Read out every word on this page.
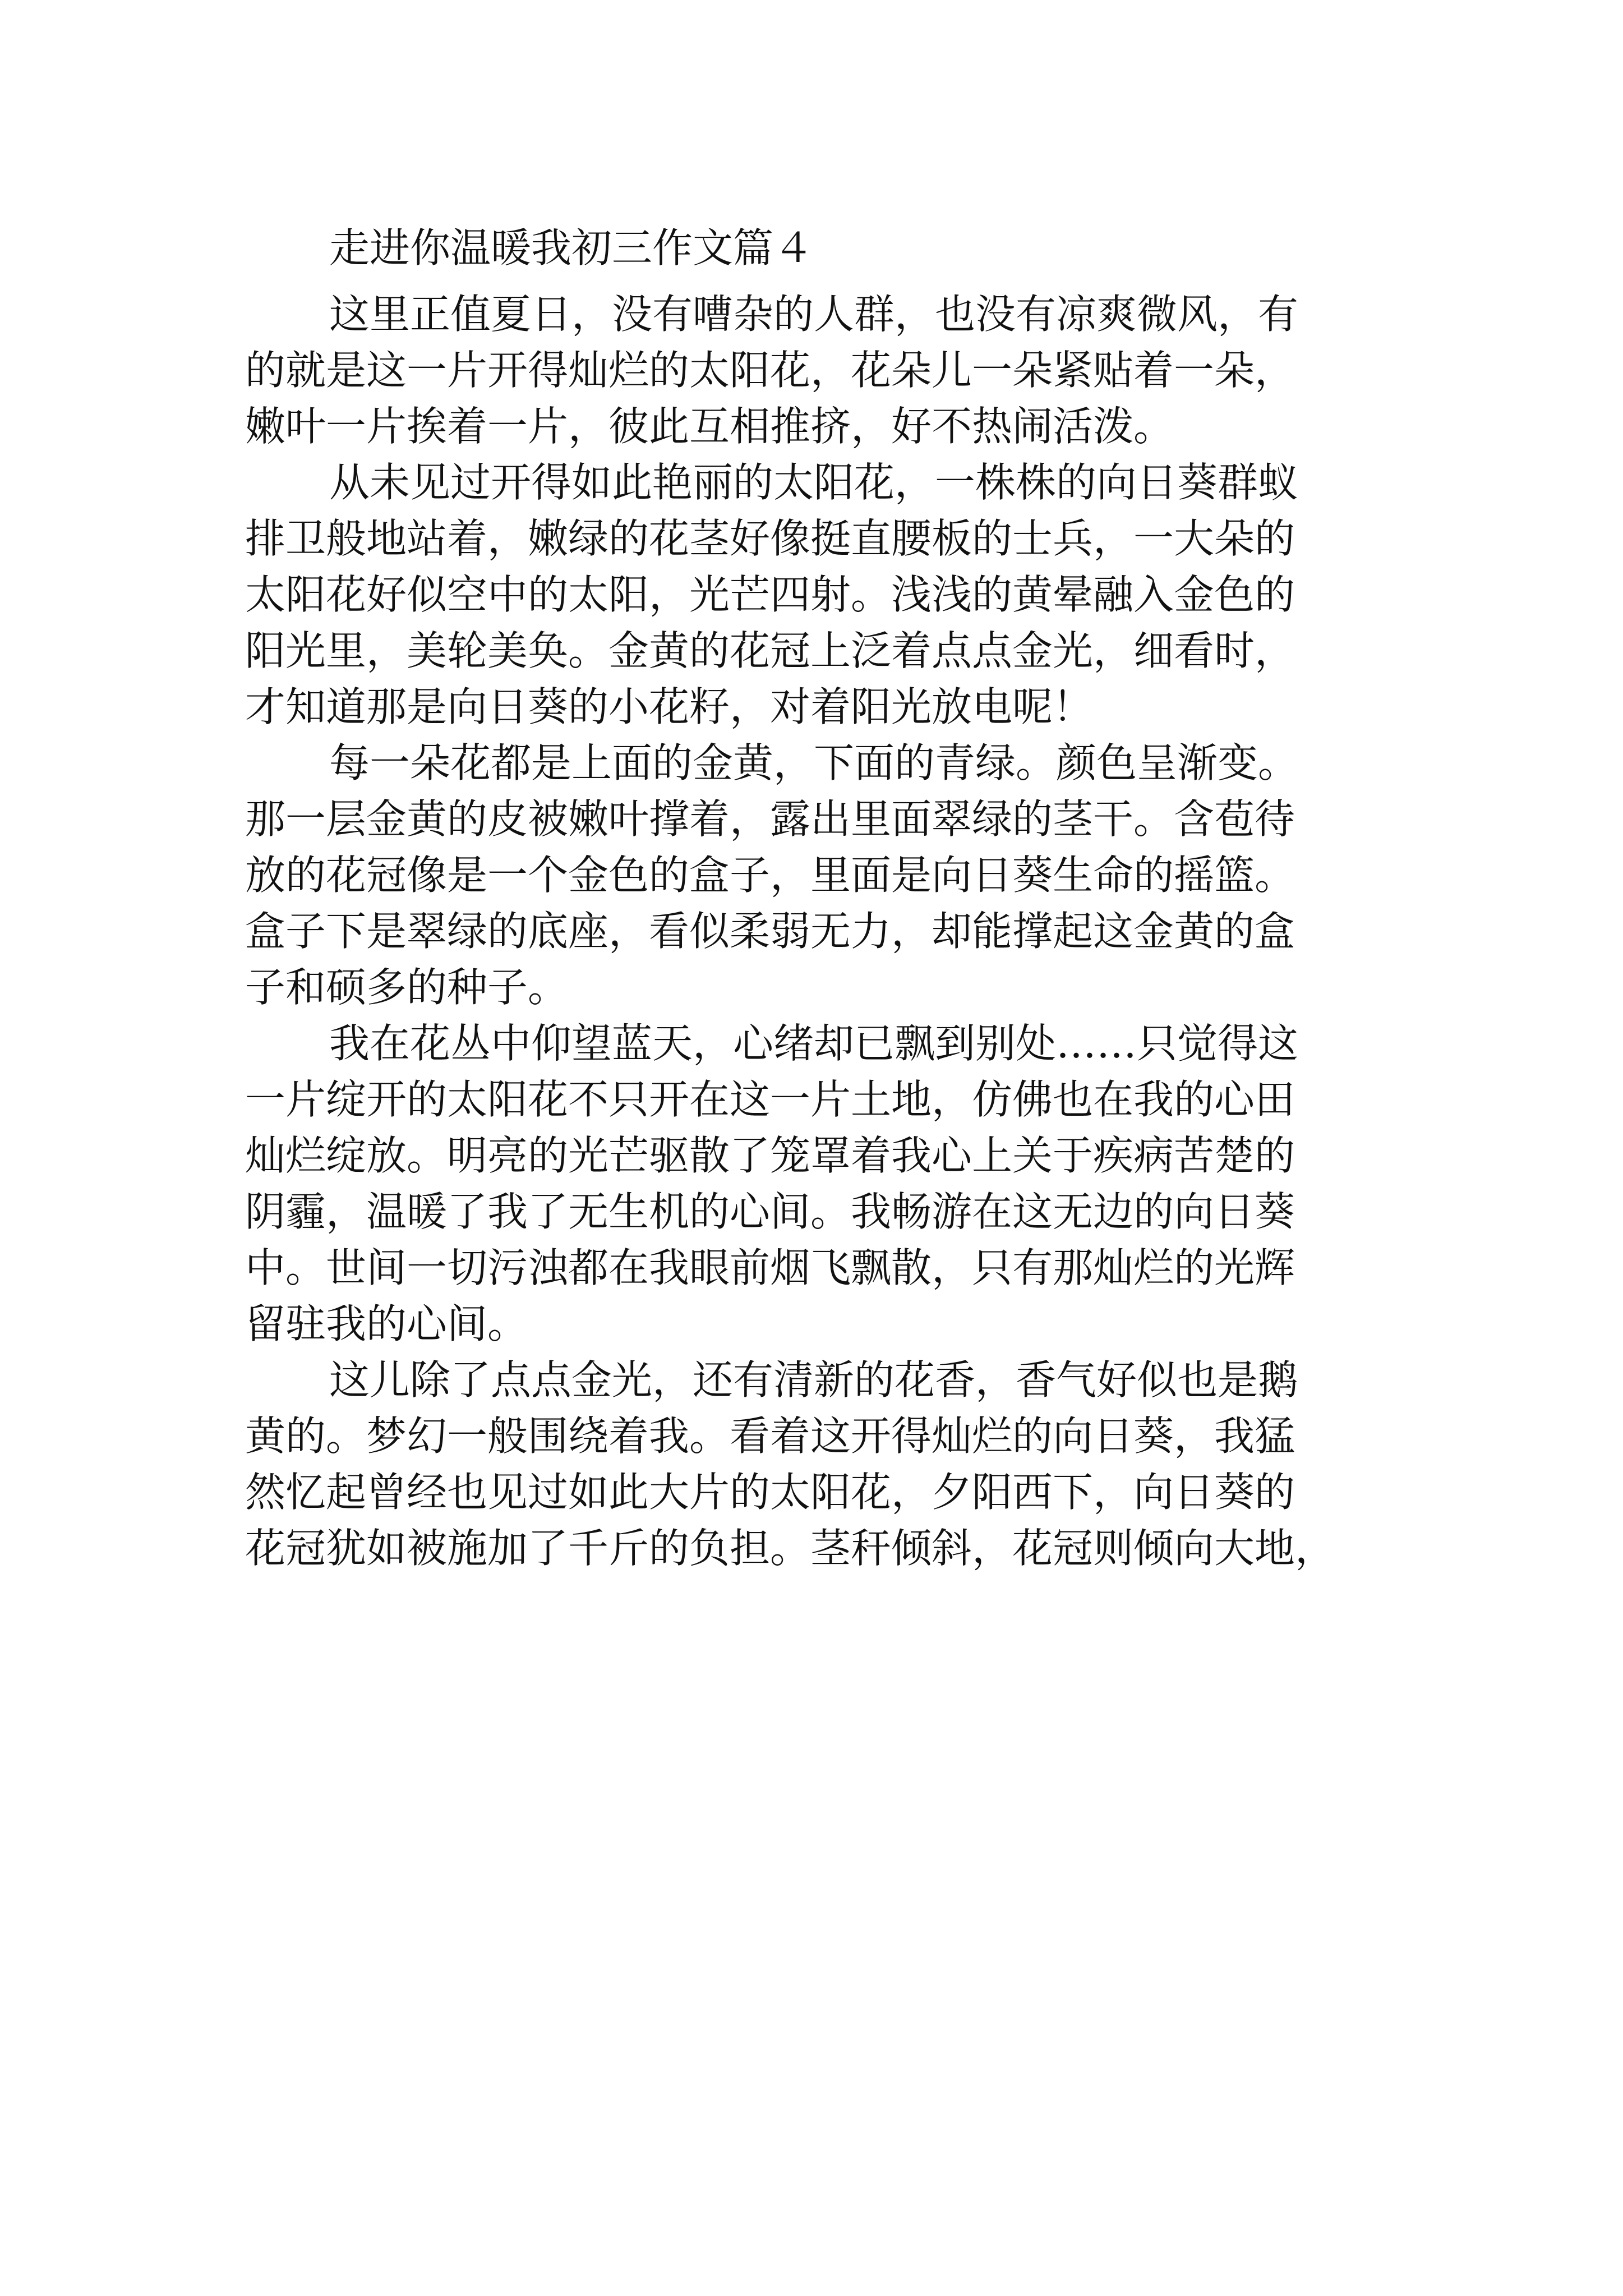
走进你温暖我初三作文篇４
这里正值夏日，没有嘈杂的人群，也没有凉爽微风，有
的就是这一片开得灿烂的太阳花，花朵儿一朵紧贴着一朵，
嫩叶一片挨着一片，彼此互相推挤，好不热闹活泼。
从未见过开得如此艳丽的太阳花，一株株的向日葵群蚁
排卫般地站着，嫩绿的花茎好像挺直腰板的士兵，一大朵的
太阳花好似空中的太阳，光芒四射。浅浅的黄晕融入金色的
阳光里，美轮美奂。金黄的花冠上泛着点点金光，细看时，
才知道那是向日葵的小花籽，对着阳光放电呢！
每一朵花都是上面的金黄，下面的青绿。颜色呈渐变。
那一层金黄的皮被嫩叶撑着，露出里面翠绿的茎干。含苞待
放的花冠像是一个金色的盒子，里面是向日葵生命的摇篮。
盒子下是翠绿的底座，看似柔弱无力，却能撑起这金黄的盒
子和硕多的种子。
我在花丛中仰望蓝天，心绪却已飘到别处……只觉得这
一片绽开的太阳花不只开在这一片土地，仿佛也在我的心田
灿烂绽放。明亮的光芒驱散了笼罩着我心上关于疾病苦楚的
阴霾，温暖了我了无生机的心间。我畅游在这无边的向日葵
中。世间一切污浊都在我眼前烟飞飘散，只有那灿烂的光辉
留驻我的心间。
这儿除了点点金光，还有清新的花香，香气好似也是鹅
黄的。梦幻一般围绕着我。看着这开得灿烂的向日葵，我猛
然忆起曾经也见过如此大片的太阳花，夕阳西下，向日葵的
花冠犹如被施加了千斤的负担。茎秆倾斜，花冠则倾向大地，
